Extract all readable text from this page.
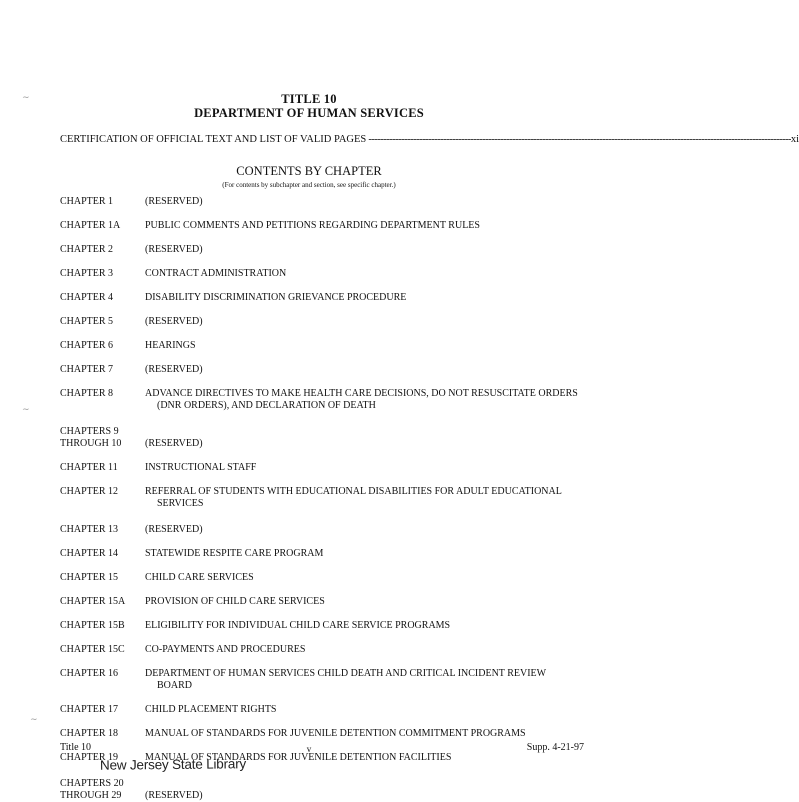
TITLE 10
DEPARTMENT OF HUMAN SERVICES
CERTIFICATION OF OFFICIAL TEXT AND LIST OF VALID PAGES --------------------------------------------------------------------------------------------------------------------------------------------- xi
CONTENTS BY CHAPTER
(For contents by subchapter and section, see specific chapter.)
CHAPTER 1	(RESERVED)
CHAPTER 1A	PUBLIC COMMENTS AND PETITIONS REGARDING DEPARTMENT RULES
CHAPTER 2	(RESERVED)
CHAPTER 3	CONTRACT ADMINISTRATION
CHAPTER 4	DISABILITY DISCRIMINATION GRIEVANCE PROCEDURE
CHAPTER 5	(RESERVED)
CHAPTER 6	HEARINGS
CHAPTER 7	(RESERVED)
CHAPTER 8	ADVANCE DIRECTIVES TO MAKE HEALTH CARE DECISIONS, DO NOT RESUSCITATE ORDERS (DNR ORDERS), AND DECLARATION OF DEATH
CHAPTERS 9
THROUGH 10	(RESERVED)
CHAPTER 11	INSTRUCTIONAL STAFF
CHAPTER 12	REFERRAL OF STUDENTS WITH EDUCATIONAL DISABILITIES FOR ADULT EDUCATIONAL SERVICES
CHAPTER 13	(RESERVED)
CHAPTER 14	STATEWIDE RESPITE CARE PROGRAM
CHAPTER 15	CHILD CARE SERVICES
CHAPTER 15A	PROVISION OF CHILD CARE SERVICES
CHAPTER 15B	ELIGIBILITY FOR INDIVIDUAL CHILD CARE SERVICE PROGRAMS
CHAPTER 15C	CO-PAYMENTS AND PROCEDURES
CHAPTER 16	DEPARTMENT OF HUMAN SERVICES CHILD DEATH AND CRITICAL INCIDENT REVIEW BOARD
CHAPTER 17	CHILD PLACEMENT RIGHTS
CHAPTER 18	MANUAL OF STANDARDS FOR JUVENILE DETENTION COMMITMENT PROGRAMS
CHAPTER 19	MANUAL OF STANDARDS FOR JUVENILE DETENTION FACILITIES
CHAPTERS 20
THROUGH 29	(RESERVED)
Title 10	v	Supp. 4-21-97
New Jersey State Library
∼
∼
∼
